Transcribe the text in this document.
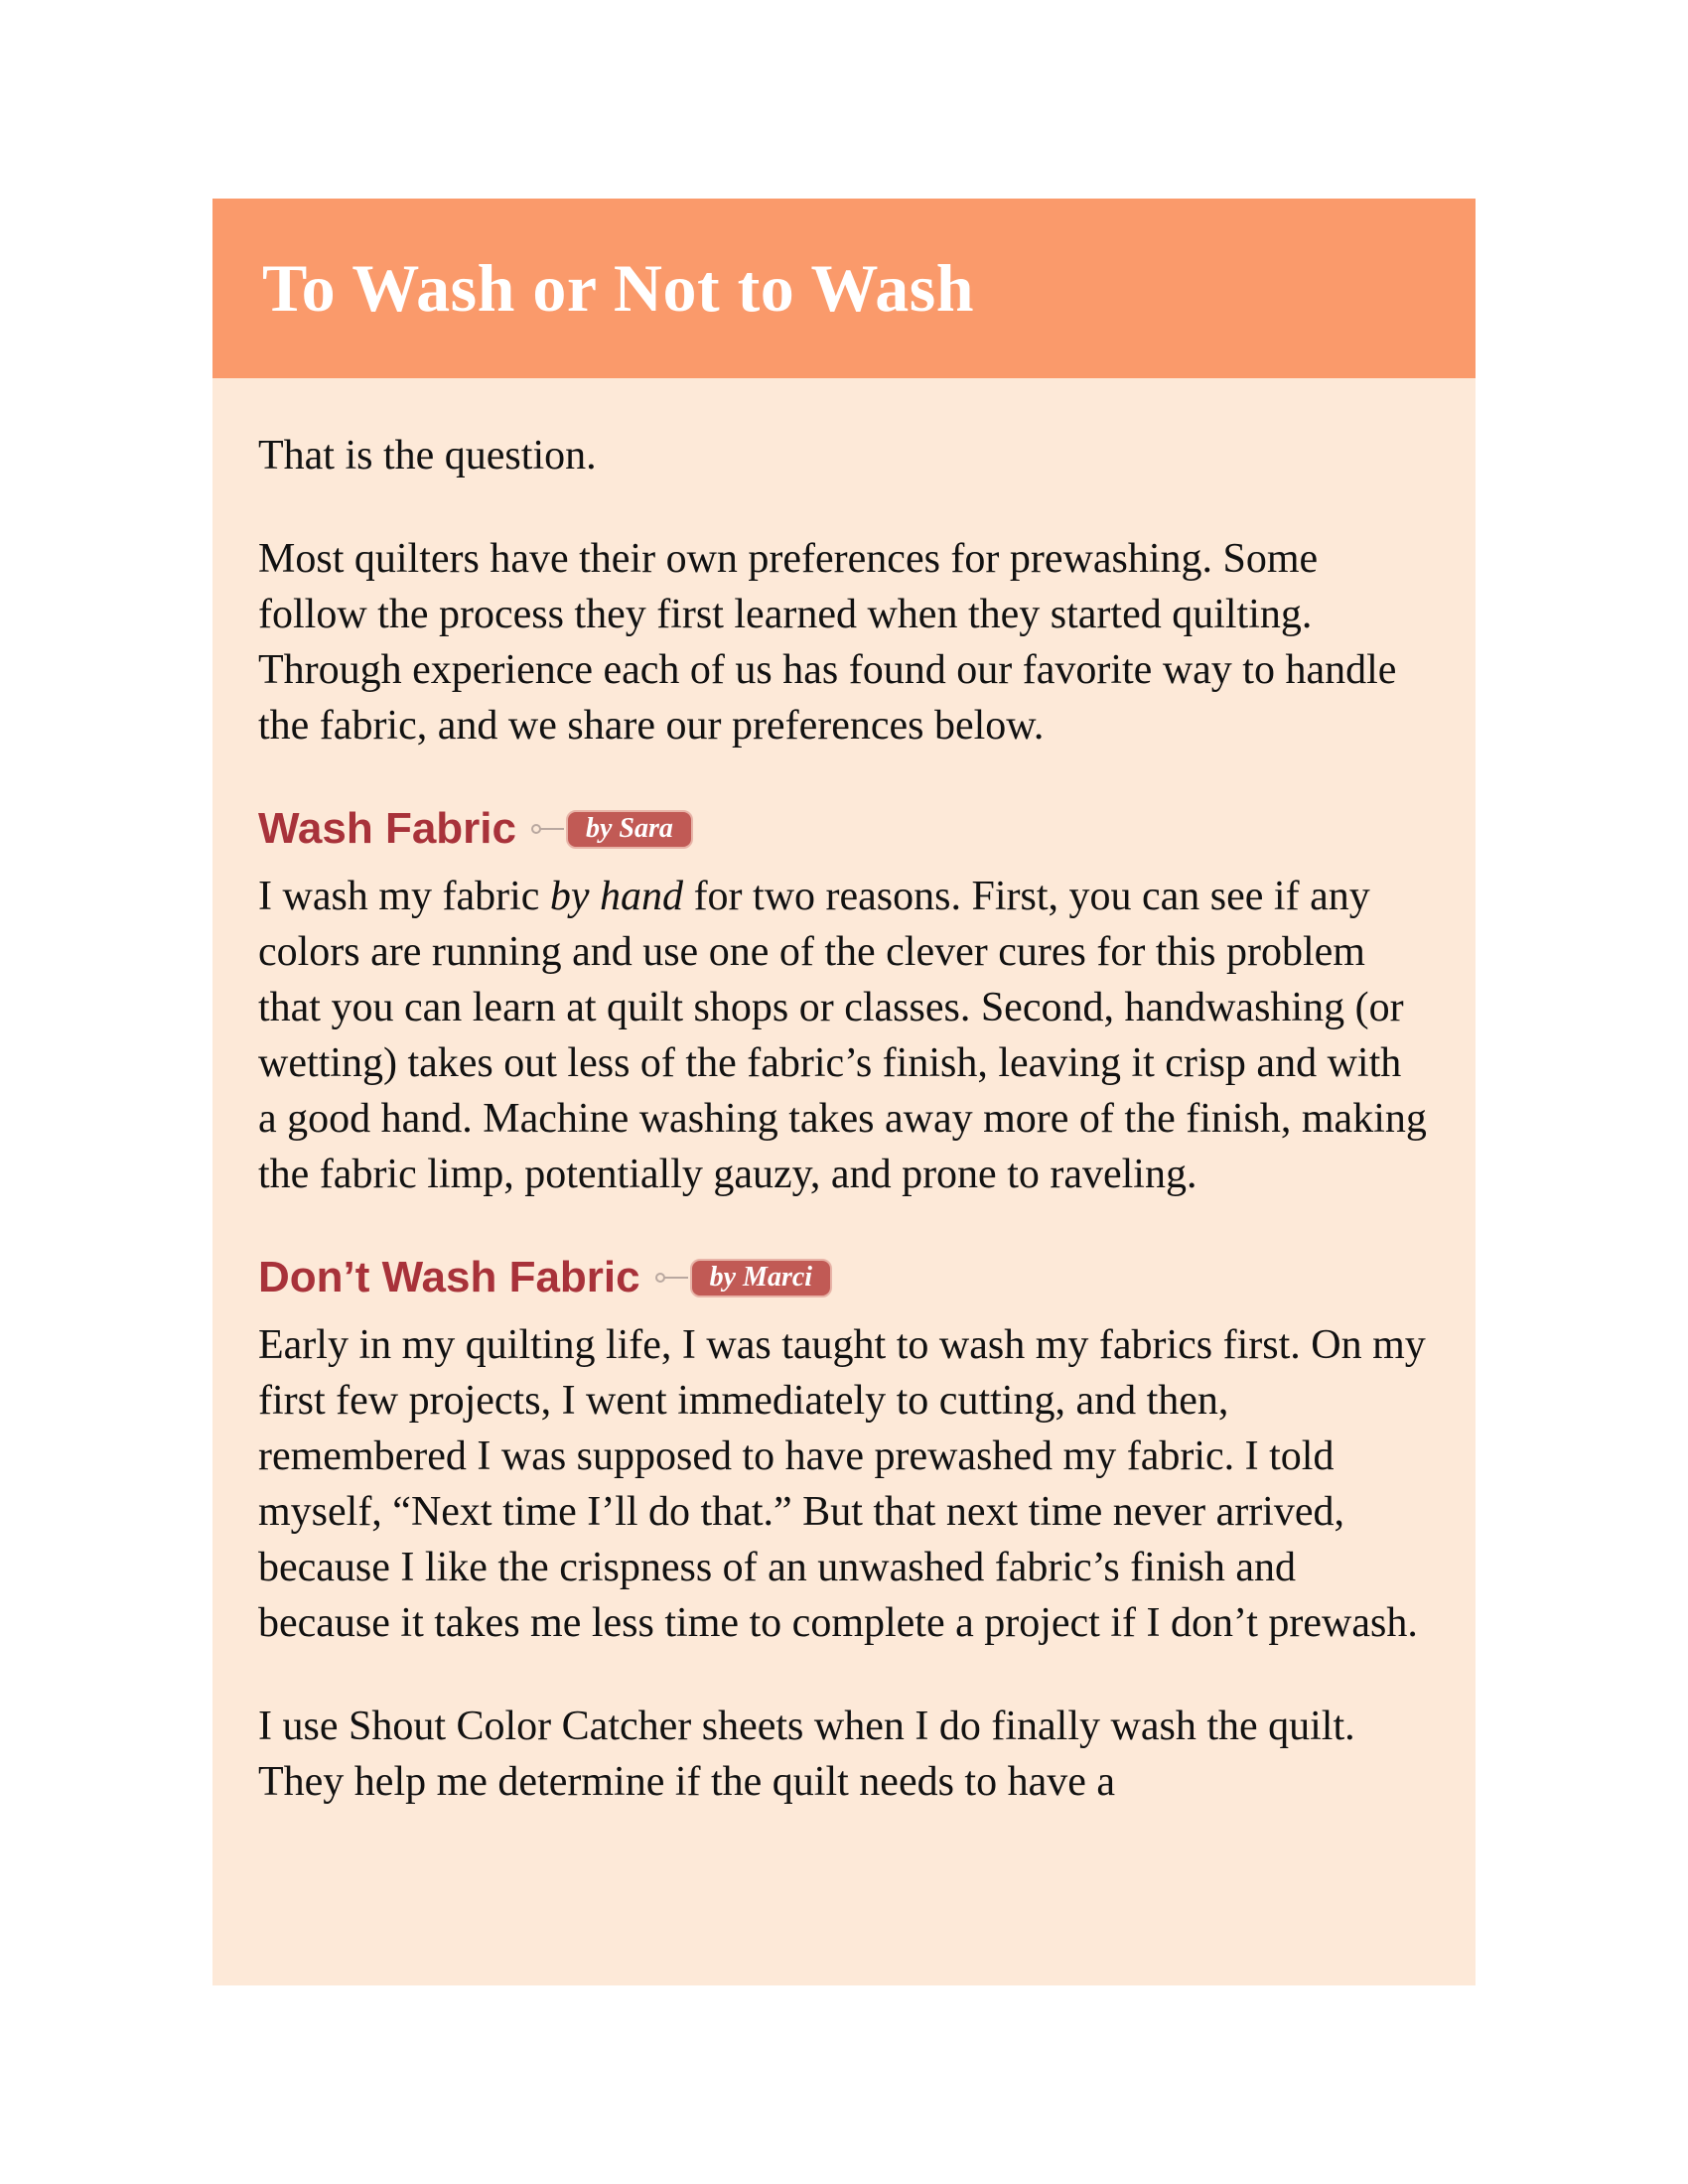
To Wash or Not to Wash

That is the question.

Most quilters have their own preferences for prewashing. Some follow the process they first learned when they started quilting. Through experience each of us has found our favorite way to handle the fabric, and we share our preferences below.

Wash Fabric	by Sara

I wash my fabric by hand for two reasons. First, you can see if any colors are running and use one of the clever cures for this problem that you can learn at quilt shops or classes. Second, handwashing (or wetting) takes out less of the fabric’s finish, leaving it crisp and with a good hand. Machine washing takes away more of the finish, making the fabric limp, potentially gauzy, and prone to raveling.

Don’t Wash Fabric	by Marci

Early in my quilting life, I was taught to wash my fabrics first. On my first few projects, I went immediately to cutting, and then, remembered I was supposed to have prewashed my fabric. I told myself, “Next time I’ll do that.” But that next time never arrived, because I like the crispness of an unwashed fabric’s finish and because it takes me less time to complete a project if I don’t prewash.

I use Shout Color Catcher sheets when I do finally wash the quilt. They help me determine if the quilt needs to have a
